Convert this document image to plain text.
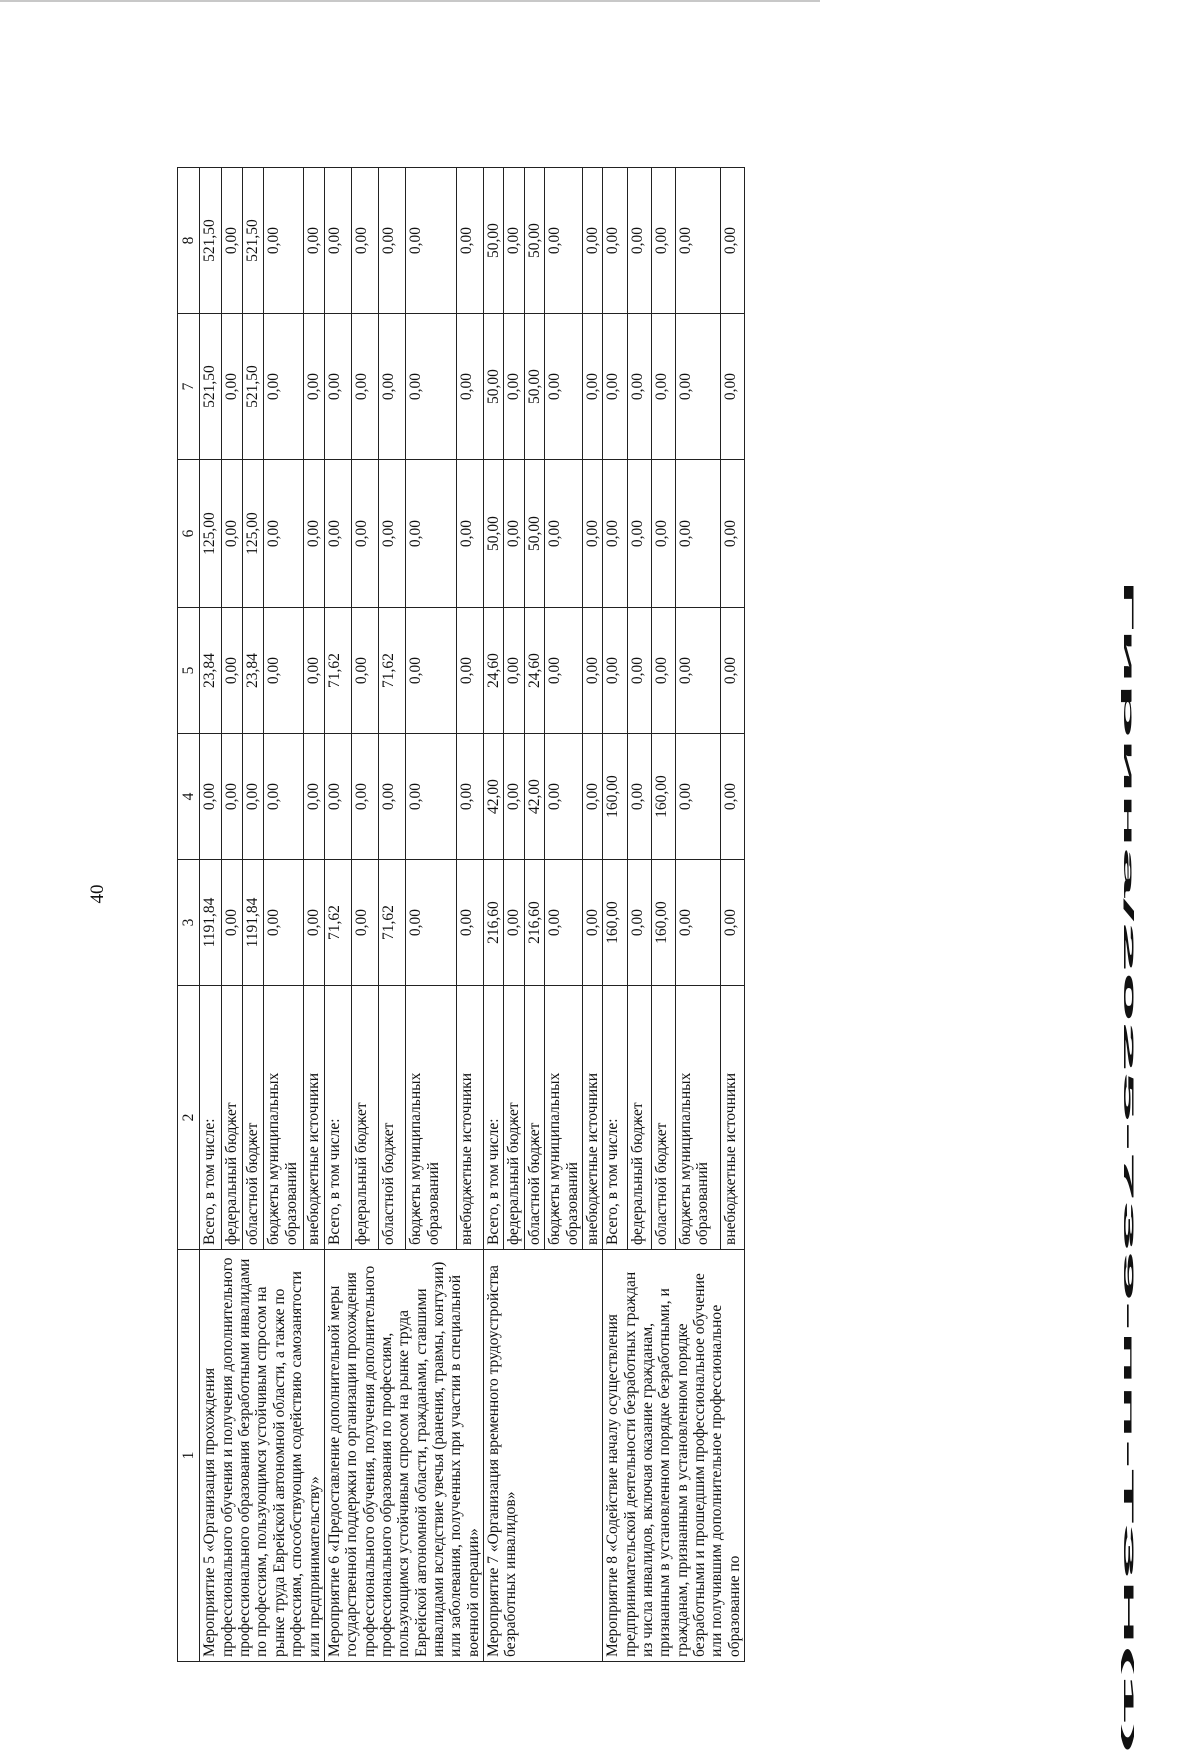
40
1	2	3	4	5	6	7	8
Мероприятие 5 «Организация прохождения профессионального обучения и получения дополнительного профессионального образования безработными инвалидами по профессиям, пользующимся устойчивым спросом на рынке труда Еврейской автономной области, а также по профессиям, способствующим содействию самозанятости или предпринимательству»	Всего, в том числе:	1191,84	0,00	23,84	125,00	521,50	521,50
	федеральный бюджет	0,00	0,00	0,00	0,00	0,00	0,00
	областной бюджет	1191,84	0,00	23,84	125,00	521,50	521,50
	бюджеты муниципальных образований	0,00	0,00	0,00	0,00	0,00	0,00
	внебюджетные источники	0,00	0,00	0,00	0,00	0,00	0,00
Мероприятие 6 «Предоставление дополнительной меры государственной поддержки по организации прохождения профессионального обучения, получения дополнительного профессионального образования по профессиям, пользующимся устойчивым спросом на рынке труда Еврейской автономной области, гражданами, ставшими инвалидами вследствие увечья (ранения, травмы, контузии) или заболевания, полученных при участии в специальной военной операции»	Всего, в том числе:	71,62	0,00	71,62	0,00	0,00	0,00
	федеральный бюджет	0,00	0,00	0,00	0,00	0,00	0,00
	областной бюджет	71,62	0,00	71,62	0,00	0,00	0,00
	бюджеты муниципальных образований	0,00	0,00	0,00	0,00	0,00	0,00
	внебюджетные источники	0,00	0,00	0,00	0,00	0,00	0,00
Мероприятие 7 «Организация временного трудоустройства безработных инвалидов»	Всего, в том числе:	216,60	42,00	24,60	50,00	50,00	50,00
	федеральный бюджет	0,00	0,00	0,00	0,00	0,00	0,00
	областной бюджет	216,60	42,00	24,60	50,00	50,00	50,00
	бюджеты муниципальных образований	0,00	0,00	0,00	0,00	0,00	0,00
	внебюджетные источники	0,00	0,00	0,00	0,00	0,00	0,00
Мероприятие 8 «Содействие началу осуществления предпринимательской деятельности безработных граждан из числа инвалидов, включая оказание гражданам, признанным в установленном порядке безработными, и гражданам, признанным в установленном порядке безработными и прошедшим профессиональное обучение или получившим дополнительное профессиональное образование по	Всего, в том числе:	160,00	160,00	0,00	0,00	0,00	0,00
	федеральный бюджет	0,00	0,00	0,00	0,00	0,00	0,00
	областной бюджет	160,00	160,00	0,00	0,00	0,00	0,00
	бюджеты муниципальных образований	0,00	0,00	0,00	0,00	0,00	0,00
	внебюджетные источники	0,00	0,00	0,00	0,00	0,00	0,00
Гирина/2025-739-пп-ТЗН(1)
